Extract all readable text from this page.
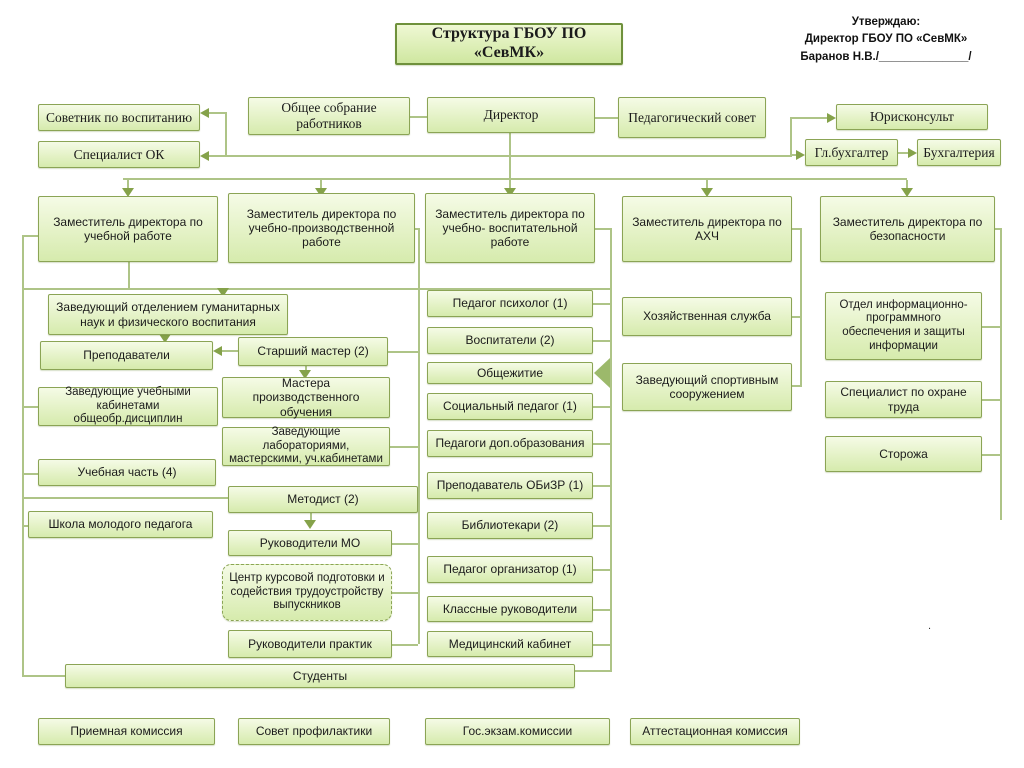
Структура ГБОУ ПО «СевМК»
Утверждаю:
Директор ГБОУ ПО «СевМК»
Баранов Н.В./______________/
Советник по воспитанию
Общее собрание работников
Директор	Педагогический совет	Юрисконсульт
Специалист ОК	Гл.бухгалтер	Бухгалтерия
Заместитель директора по учебной работе
Заместитель директора по учебно-производственной работе
Заместитель директора по учебно- воспитательной работе
Заместитель директора по АХЧ
Заместитель директора по безопасности
Заведующий отделением гуманитарных наук и физического воспитания
Преподаватели	Старший мастер (2)
Мастера производственного обучения
Заведующие учебными кабинетами общеобр.дисциплин
Заведующие лабораториями, мастерскими, уч.кабинетами
Учебная часть (4)
Методист (2)
Школа молодого педагога
Руководители МО
Центр курсовой подготовки и содействия трудоустройству выпускников
Руководители практик
Студенты
Педагог психолог (1)
Воспитатели (2)
Общежитие
Социальный педагог (1)
Педагоги доп.образования
Преподаватель ОБиЗР (1)
Библиотекари (2)
Педагог организатор (1)
Классные руководители
Медицинский кабинет
Хозяйственная служба
Заведующий спортивным сооружением
Отдел информационно-программного обеспечения и защиты информации
Специалист по охране труда
Сторожа
Приемная комиссия	Совет профилактики	Гос.экзам.комиссии	Аттестационная комиссия
.
